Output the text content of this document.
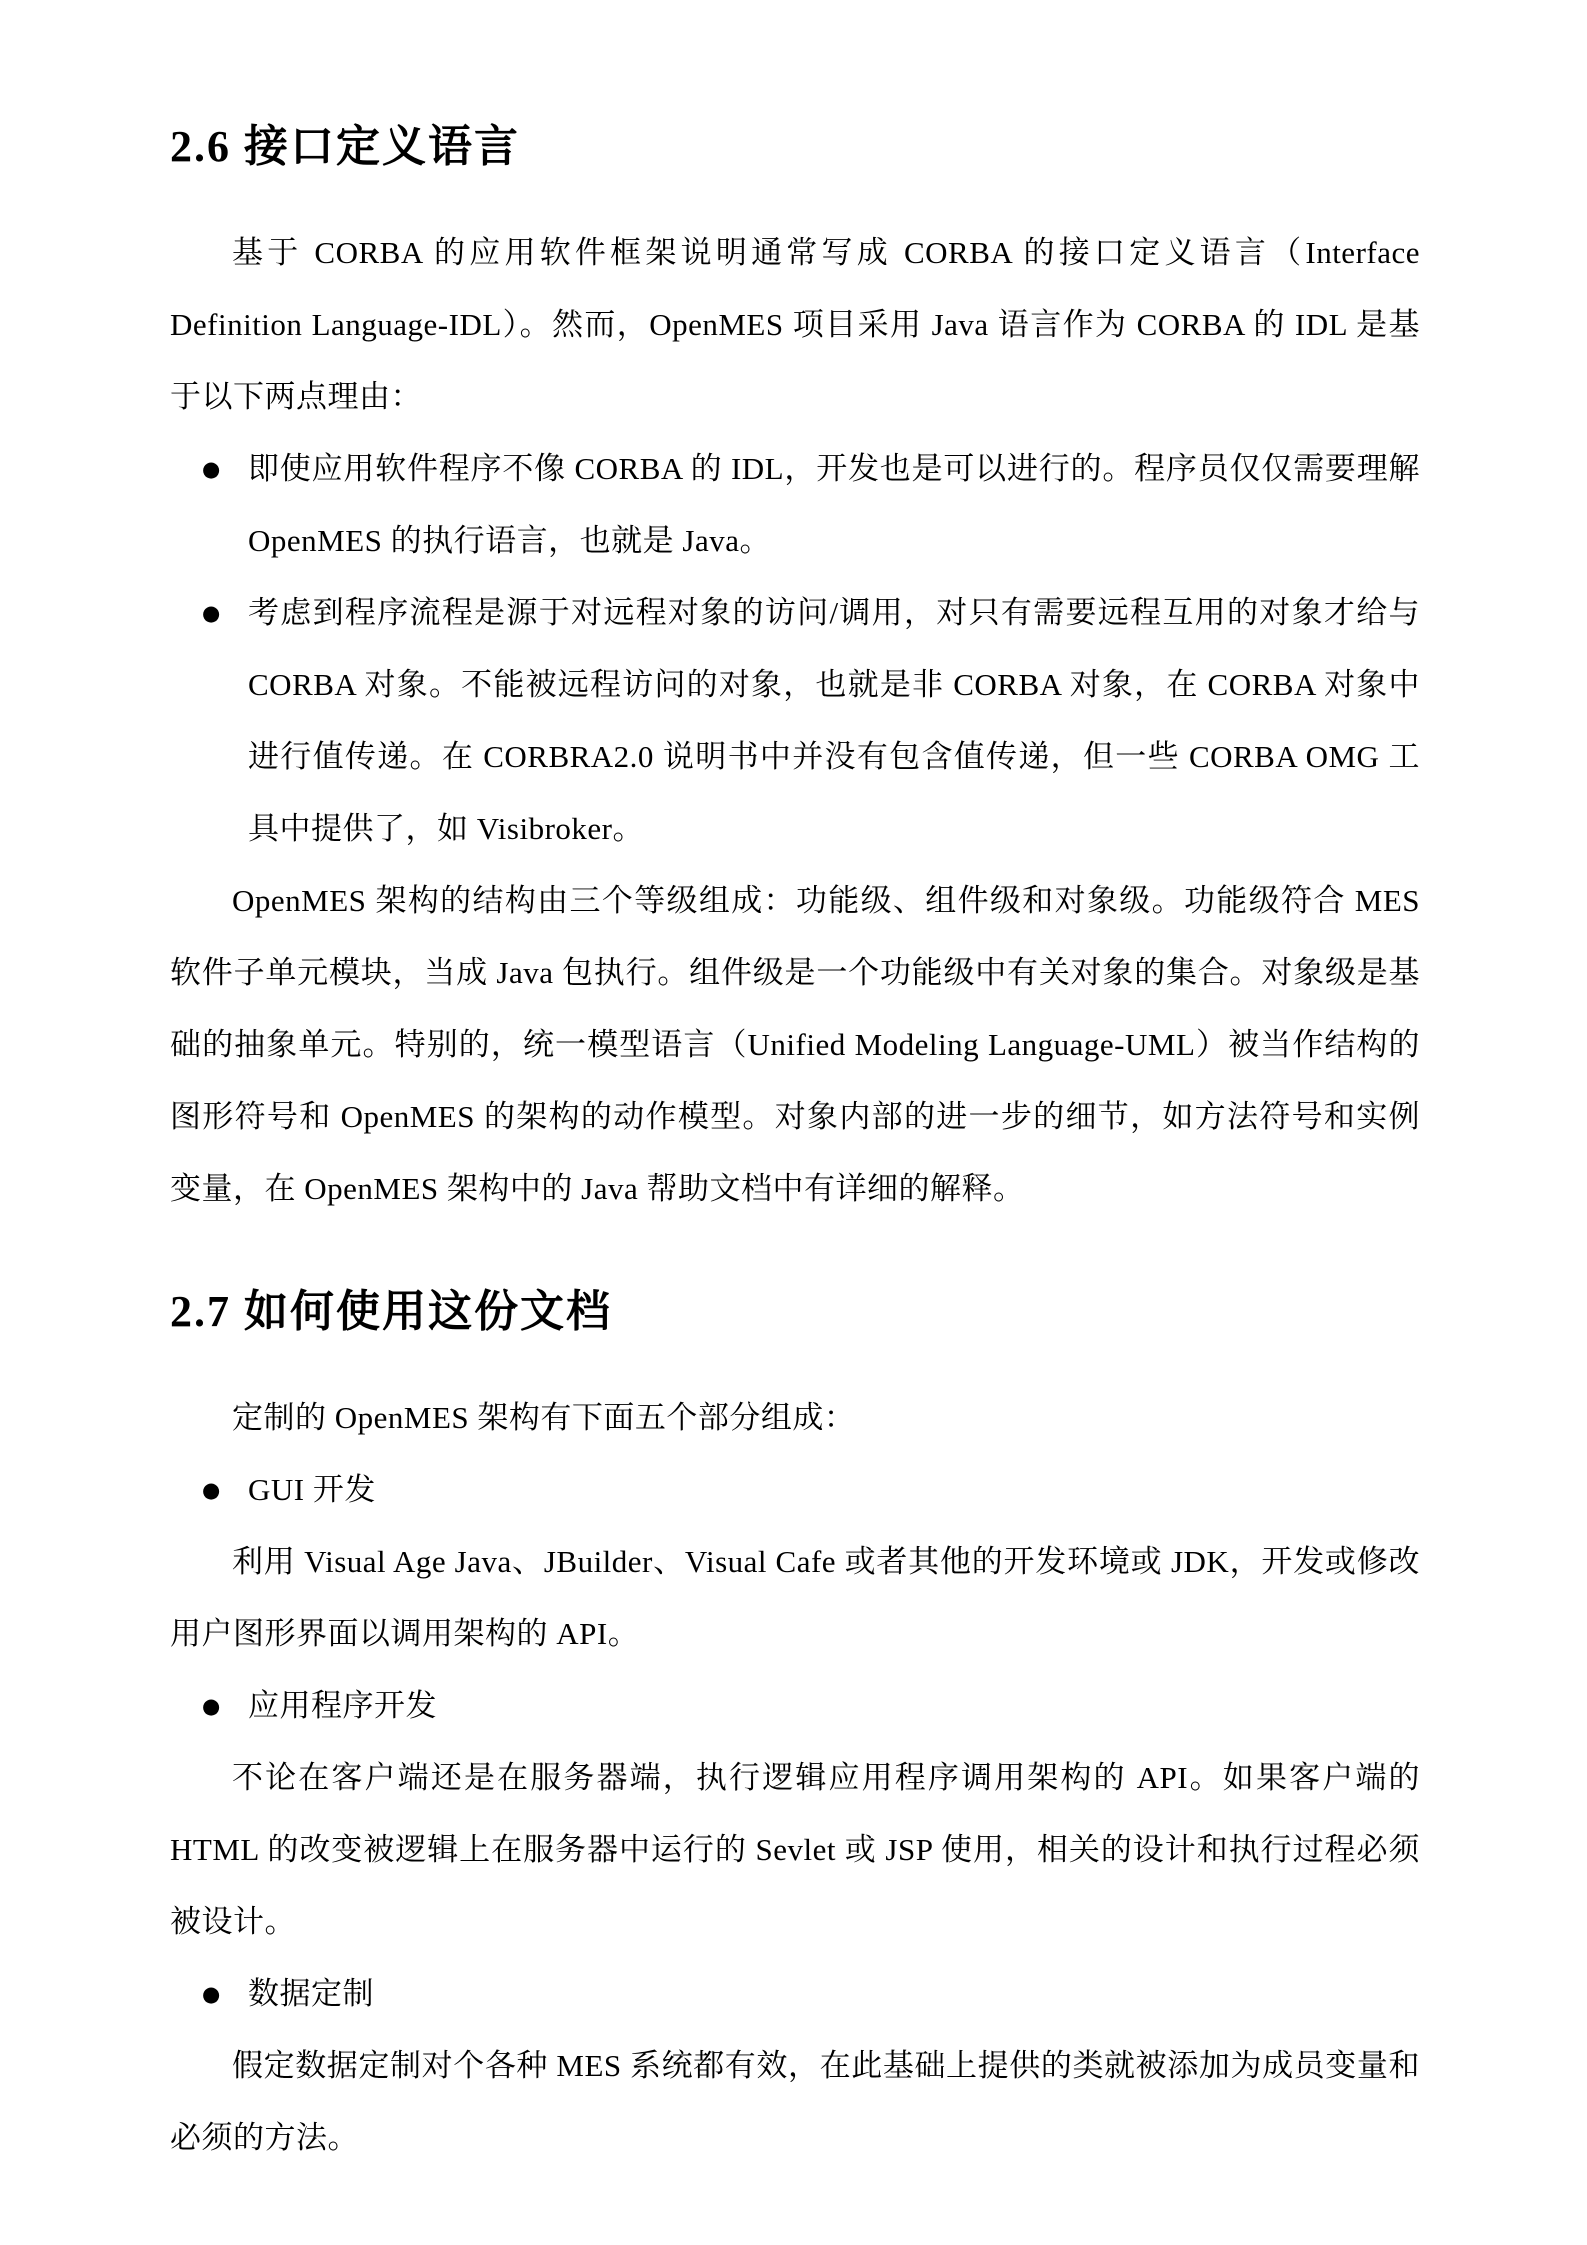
2.6 接口定义语言

基于 CORBA 的应用软件框架说明通常写成 CORBA 的接口定义语言（Interface Definition Language-IDL）。然而，OpenMES 项目采用 Java 语言作为 CORBA 的 IDL 是基于以下两点理由：

● 即使应用软件程序不像 CORBA 的 IDL，开发也是可以进行的。程序员仅仅需要理解 OpenMES 的执行语言，也就是 Java。
● 考虑到程序流程是源于对远程对象的访问/调用，对只有需要远程互用的对象才给与 CORBA 对象。不能被远程访问的对象，也就是非 CORBA 对象，在 CORBA 对象中进行值传递。在 CORBRA2.0 说明书中并没有包含值传递，但一些 CORBA OMG 工具中提供了，如 Visibroker。

OpenMES 架构的结构由三个等级组成：功能级、组件级和对象级。功能级符合 MES 软件子单元模块，当成 Java 包执行。组件级是一个功能级中有关对象的集合。对象级是基础的抽象单元。特别的，统一模型语言（Unified Modeling Language-UML）被当作结构的图形符号和 OpenMES 的架构的动作模型。对象内部的进一步的细节，如方法符号和实例变量，在 OpenMES 架构中的 Java 帮助文档中有详细的解释。

2.7 如何使用这份文档

定制的 OpenMES 架构有下面五个部分组成：

● GUI 开发

利用 Visual Age Java、JBuilder、Visual Cafe 或者其他的开发环境或 JDK，开发或修改用户图形界面以调用架构的 API。

● 应用程序开发

不论在客户端还是在服务器端，执行逻辑应用程序调用架构的 API。如果客户端的 HTML 的改变被逻辑上在服务器中运行的 Sevlet 或 JSP 使用，相关的设计和执行过程必须被设计。

● 数据定制

假定数据定制对个各种 MES 系统都有效，在此基础上提供的类就被添加为成员变量和必须的方法。
